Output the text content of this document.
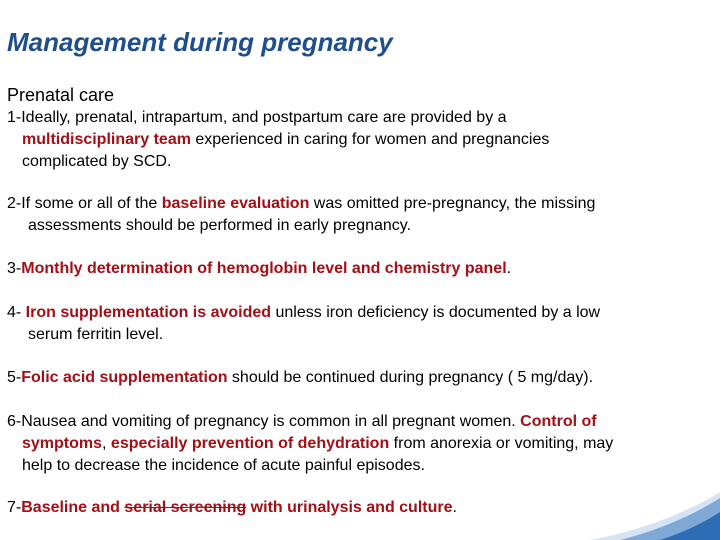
Management during pregnancy
Prenatal care
1-Ideally, prenatal, intrapartum, and postpartum care are provided by a
multidisciplinary team experienced in caring for women and pregnancies
complicated by SCD.
2-If some or all of the baseline evaluation was omitted pre-pregnancy, the missing
assessments should be performed in early pregnancy.
3-Monthly determination of hemoglobin level and chemistry panel.
4- Iron supplementation is avoided unless iron deficiency is documented by a low
serum ferritin level.
5-Folic acid supplementation should be continued during pregnancy ( 5 mg/day).
6-Nausea and vomiting of pregnancy is common in all pregnant women. Control of
symptoms, especially prevention of dehydration from anorexia or vomiting, may
help to decrease the incidence of acute painful episodes.
7-Baseline and serial screening with urinalysis and culture.
